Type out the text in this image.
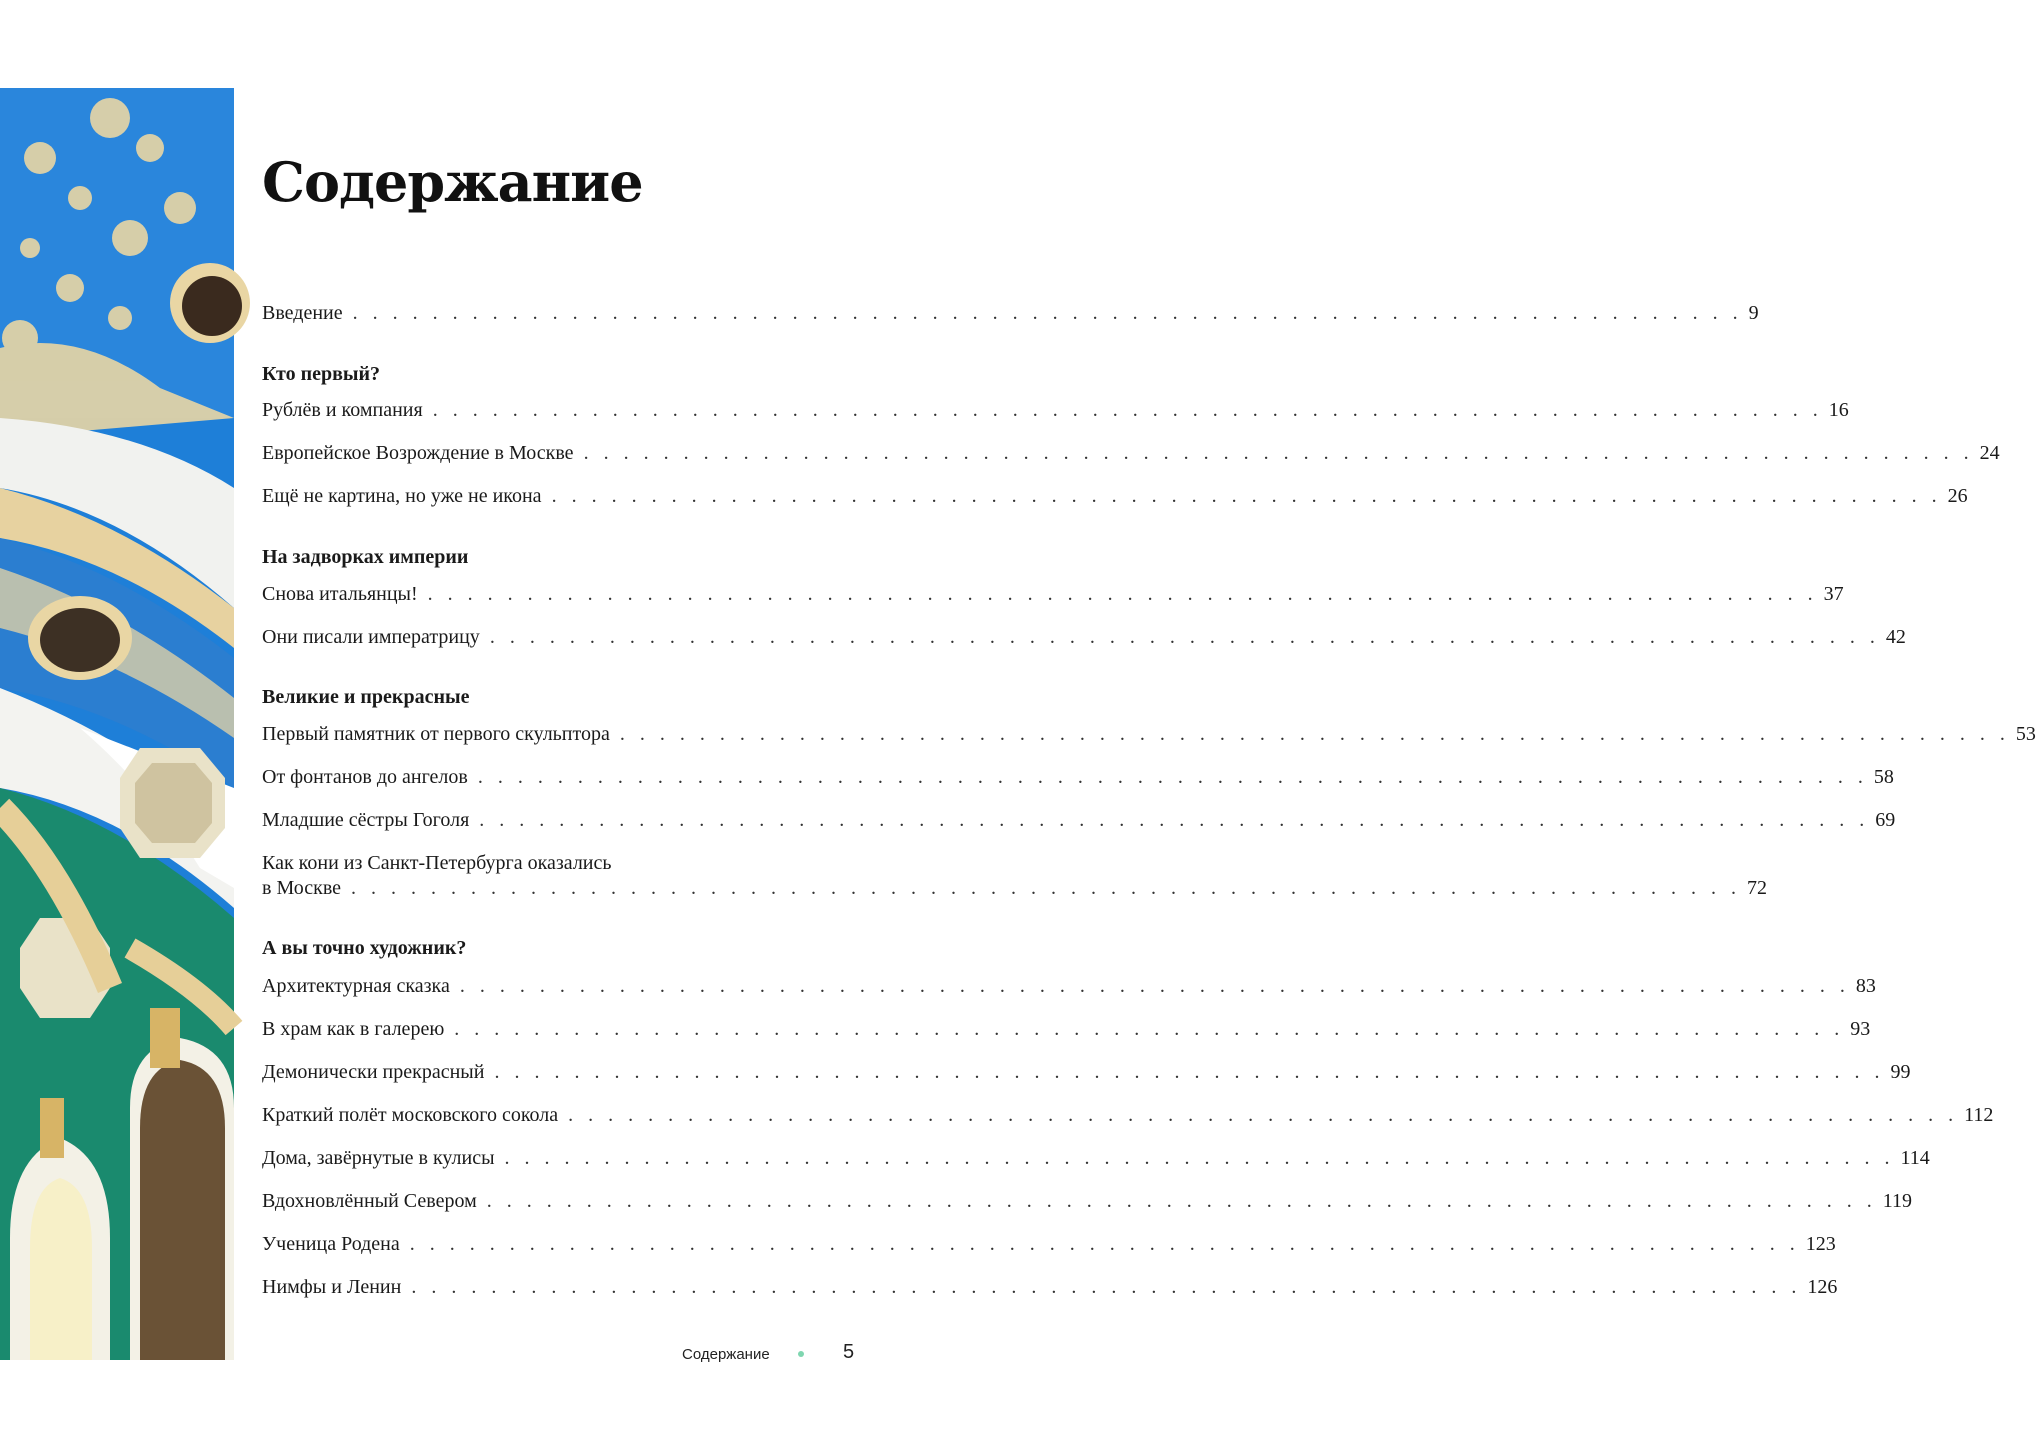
Содержание
Введение . . . . . . . . . . . . . . . . . . . . . . . . . . . . . . . . . . . . . . . . . . . . . . . . . . . . . . . . . . . . . . . . . . . . . . 9
Кто первый?
Рублёв и компания . . . . . . . . . . . . . . . . . . . . . . . . . . . . . . . . . . . . . . . . . . . . . . . . . . . . . . . . . . . . . . . . . . . . . . 16
Европейское Возрождение в Москве . . . . . . . . . . . . . . . . . . . . . . . . . . . . . . . . . . . . . . . . . . . . . . . . . . . . . . . . . . . . . . . . . . . . . . 24
Ещё не картина, но уже не икона . . . . . . . . . . . . . . . . . . . . . . . . . . . . . . . . . . . . . . . . . . . . . . . . . . . . . . . . . . . . . . . . . . . . . . 26
На задворках империи
Снова итальянцы! . . . . . . . . . . . . . . . . . . . . . . . . . . . . . . . . . . . . . . . . . . . . . . . . . . . . . . . . . . . . . . . . . . . . . . 37
Они писали императрицу . . . . . . . . . . . . . . . . . . . . . . . . . . . . . . . . . . . . . . . . . . . . . . . . . . . . . . . . . . . . . . . . . . . . . . 42
Великие и прекрасные
Первый памятник от первого скульптора . . . . . . . . . . . . . . . . . . . . . . . . . . . . . . . . . . . . . . . . . . . . . . . . . . . . . . . . . . . . . . . . . . . . . . 53
От фонтанов до ангелов . . . . . . . . . . . . . . . . . . . . . . . . . . . . . . . . . . . . . . . . . . . . . . . . . . . . . . . . . . . . . . . . . . . . . . 58
Младшие сёстры Гоголя . . . . . . . . . . . . . . . . . . . . . . . . . . . . . . . . . . . . . . . . . . . . . . . . . . . . . . . . . . . . . . . . . . . . . . 69
Как кони из Санкт-Петербурга оказались
в Москве . . . . . . . . . . . . . . . . . . . . . . . . . . . . . . . . . . . . . . . . . . . . . . . . . . . . . . . . . . . . . . . . . . . . . . 72
А вы точно художник?
Архитектурная сказка . . . . . . . . . . . . . . . . . . . . . . . . . . . . . . . . . . . . . . . . . . . . . . . . . . . . . . . . . . . . . . . . . . . . . . 83
В храм как в галерею . . . . . . . . . . . . . . . . . . . . . . . . . . . . . . . . . . . . . . . . . . . . . . . . . . . . . . . . . . . . . . . . . . . . . . 93
Демонически прекрасный . . . . . . . . . . . . . . . . . . . . . . . . . . . . . . . . . . . . . . . . . . . . . . . . . . . . . . . . . . . . . . . . . . . . . . 99
Краткий полёт московского сокола . . . . . . . . . . . . . . . . . . . . . . . . . . . . . . . . . . . . . . . . . . . . . . . . . . . . . . . . . . . . . . . . . . . . . . 112
Дома, завёрнутые в кулисы . . . . . . . . . . . . . . . . . . . . . . . . . . . . . . . . . . . . . . . . . . . . . . . . . . . . . . . . . . . . . . . . . . . . . . 114
Вдохновлённый Севером . . . . . . . . . . . . . . . . . . . . . . . . . . . . . . . . . . . . . . . . . . . . . . . . . . . . . . . . . . . . . . . . . . . . . . 119
Ученица Родена . . . . . . . . . . . . . . . . . . . . . . . . . . . . . . . . . . . . . . . . . . . . . . . . . . . . . . . . . . . . . . . . . . . . . . 123
Нимфы и Ленин . . . . . . . . . . . . . . . . . . . . . . . . . . . . . . . . . . . . . . . . . . . . . . . . . . . . . . . . . . . . . . . . . . . . . . 126
Содержание	5
